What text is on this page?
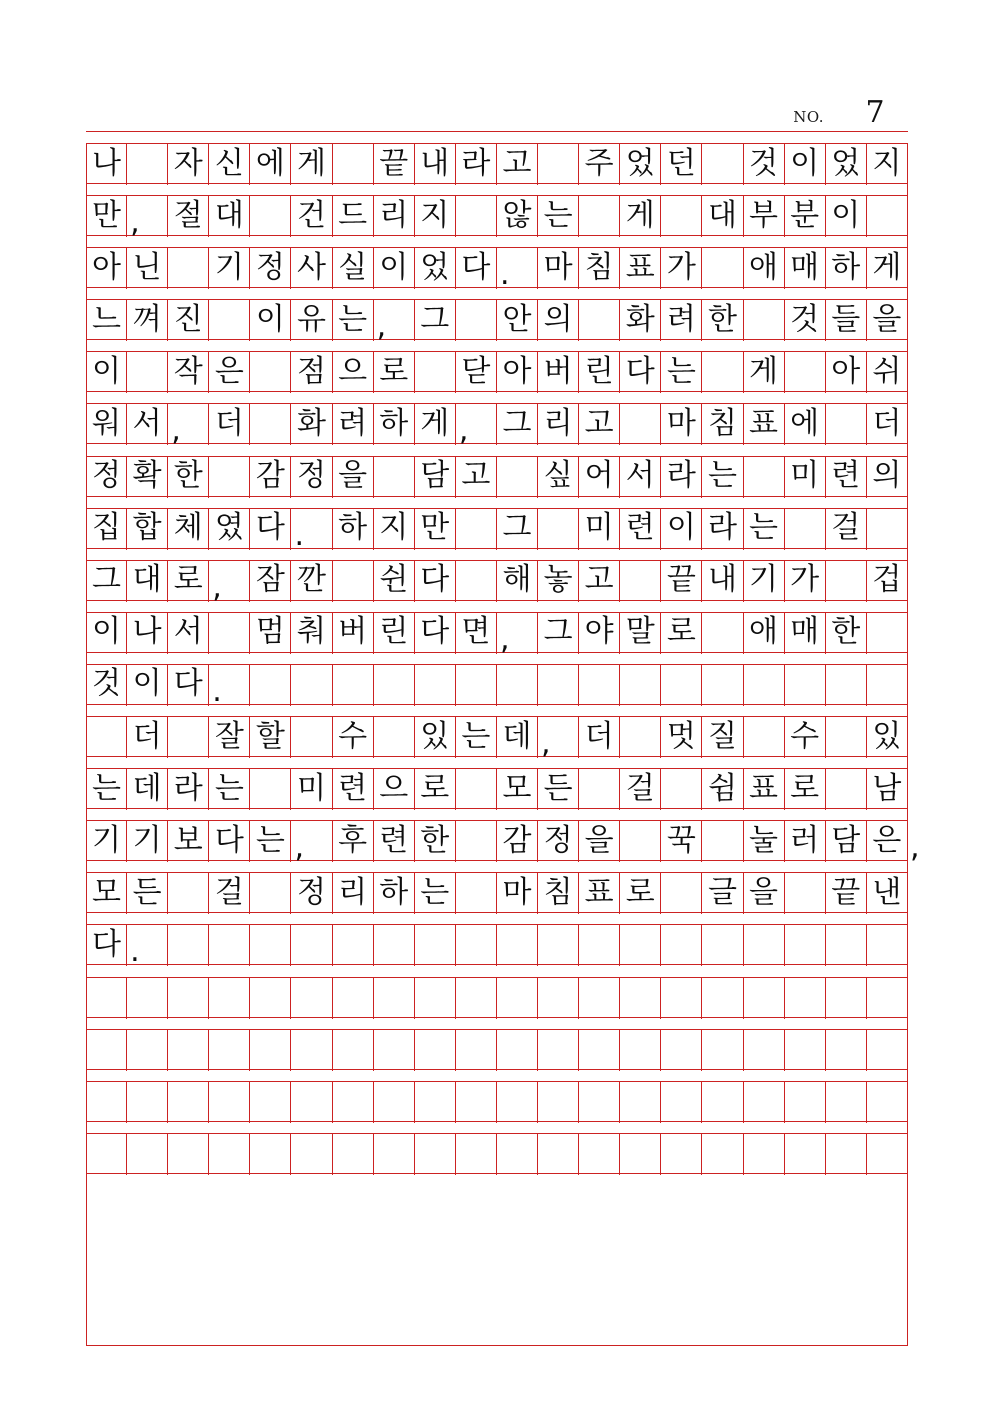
NO. 7
나 자 신 에 게 끝 내 라 고 주 었 던 것 이 었 지
만 , 절 대 건 드 리 지 않 는 게 대 부 분 이
아 닌 기 정 사 실 이 었 다 . 마 침 표 가 애 매 하 게
느 껴 진 이 유 는 , 그 안 의 화 려 한 것 들 을
이 작 은 점 으 로 닫 아 버 린 다 는 게 아 쉬
워 서 , 더 화 려 하 게 , 그 리 고 마 침 표 에 더
정 확 한 감 정 을 담 고 싶 어 서 라 는 미 련 의
집 합 체 였 다 . 하 지 만 그 미 련 이 라 는 걸
그 대 로 , 잠 깐 쉰 다 해 놓 고 끝 내 기 가 겁
이 나 서 멈 춰 버 린 다 면 , 그 야 말 로 애 매 한
것 이 다 .
더 잘 할 수 있 는 데 , 더 멋 질 수 있
는 데 라 는 미 련 으 로 모 든 걸 쉼 표 로 남
기 기 보 다 는 , 후 련 한 감 정 을 꾹 눌 러 담 은 ,
모 든 걸 정 리 하 는 마 침 표 로 글 을 끝 낸
다 .
